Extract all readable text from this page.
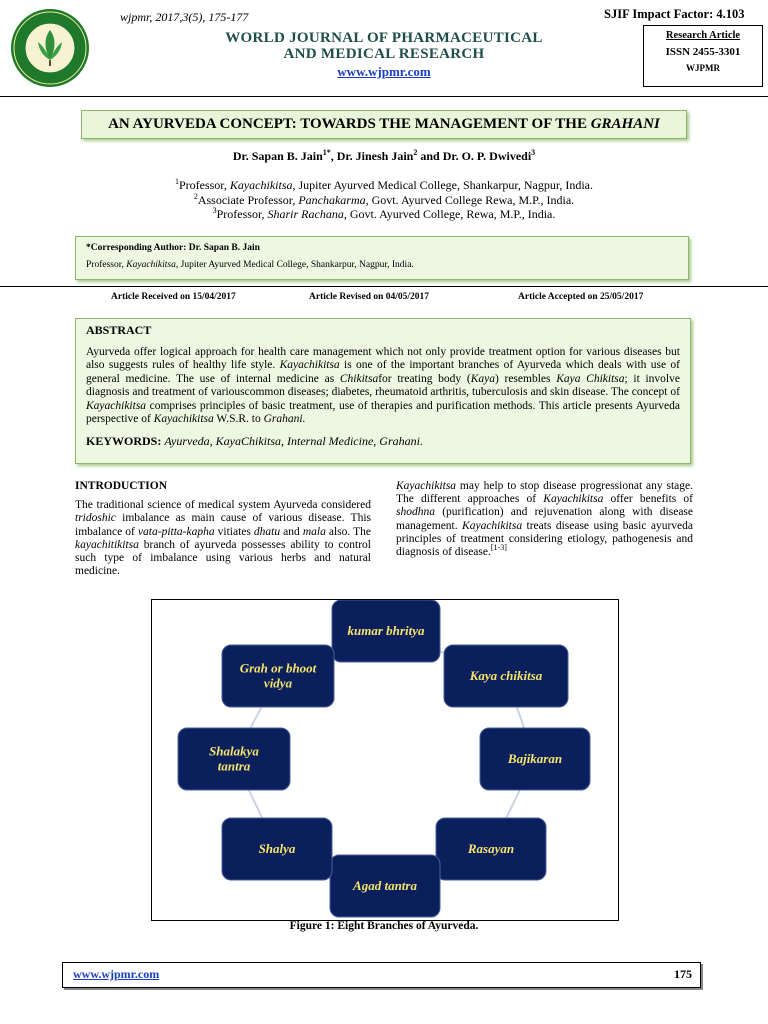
wjpmr, 2017,3(5), 175-177	SJIF Impact Factor: 4.103
WORLD JOURNAL OF PHARMACEUTICAL
AND MEDICAL RESEARCH
www.wjpmr.com
Research Article
ISSN 2455-3301
WJPMR
AN AYURVEDA CONCEPT: TOWARDS THE MANAGEMENT OF THE GRAHANI
Dr. Sapan B. Jain$^{1*}$, Dr. Jinesh Jain$^2$ and Dr. O. P. Dwivedi$^3$
$^1$Professor, Kayachikitsa, Jupiter Ayurved Medical College, Shankarpur, Nagpur, India.
$^2$Associate Professor, Panchakarma, Govt. Ayurved College Rewa, M.P., India.
$^3$Professor, Sharir Rachana, Govt. Ayurved College, Rewa, M.P., India.
*Corresponding Author: Dr. Sapan B. Jain
Professor, Kayachikitsa, Jupiter Ayurved Medical College, Shankarpur, Nagpur, India.
Article Received on 15/04/2017	Article Revised on 04/05/2017	Article Accepted on 25/05/2017
ABSTRACT
Ayurveda offer logical approach for health care management which not only provide treatment option for various diseases but also suggests rules of healthy life style. Kayachikitsa is one of the important branches of Ayurveda which deals with use of general medicine. The use of internal medicine as Chikitsafor treating body (Kaya) resembles Kaya Chikitsa; it involve diagnosis and treatment of variouscommon diseases; diabetes, rheumatoid arthritis, tuberculosis and skin disease. The concept of Kayachikitsa comprises principles of basic treatment, use of therapies and purification methods. This article presents Ayurveda perspective of Kayachikitsa W.S.R. to Grahani.
KEYWORDS: Ayurveda, KayaChikitsa, Internal Medicine, Grahani.
INTRODUCTION
The traditional science of medical system Ayurveda considered tridoshic imbalance as main cause of various disease. This imbalance of vata-pitta-kapha vitiates dhatu and mala also. The kayachitikitsa branch of ayurveda possesses ability to control such type of imbalance using various herbs and natural medicine.
Kayachikitsa may help to stop disease progressionat any stage. The different approaches of Kayachikitsa offer benefits of shodhna (purification) and rejuvenation along with disease management. Kayachikitsa treats disease using basic ayurveda principles of treatment considering etiology, pathogenesis and diagnosis of disease.[1-3]
kumar bhritya
Kaya chikitsa
Bajikaran
Rasayan
Agad tantra
Shalya
Shalakya
tantra
Grah or bhoot
vidya
Figure 1: Eight Branches of Ayurveda.
www.wjpmr.com	175
